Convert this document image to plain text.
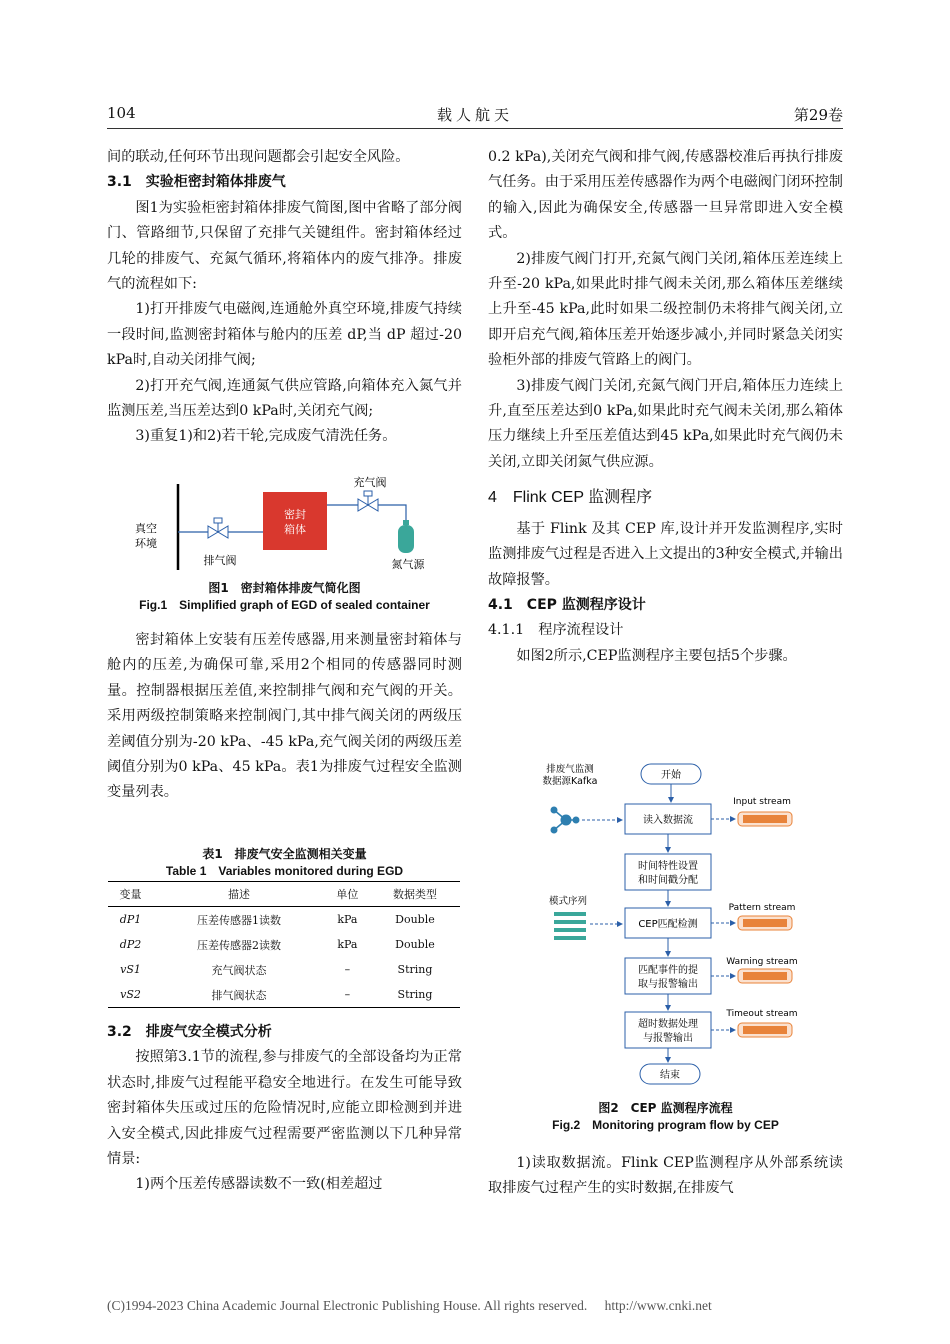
104	载人航天	第29卷

间的联动,任何环节出现问题都会引起安全风险。

3.1　实验柜密封箱体排废气

图1为实验柜密封箱体排废气简图,图中省略了部分阀门、管路细节,只保留了充排气关键组件。密封箱体经过几轮的排废气、充氮气循环,将箱体内的废气排净。排废气的流程如下:

1)打开排废气电磁阀,连通舱外真空环境,排废气持续一段时间,监测密封箱体与舱内的压差 dP,当 dP 超过-20 kPa时,自动关闭排气阀;

2)打开充气阀,连通氮气供应管路,向箱体充入氮气并监测压差,当压差达到0 kPa时,关闭充气阀;

3)重复1)和2)若干轮,完成废气清洗任务。

真空
环境
排气阀
密封
箱体
充气阀
氮气源
图1　密封箱体排废气简化图
Fig.1　Simplified graph of EGD of sealed container

密封箱体上安装有压差传感器,用来测量密封箱体与舱内的压差,为确保可靠,采用2个相同的传感器同时测量。控制器根据压差值,来控制排气阀和充气阀的开关。采用两级控制策略来控制阀门,其中排气阀关闭的两级压差阈值分别为-20 kPa、-45 kPa,充气阀关闭的两级压差阈值分别为0 kPa、45 kPa。表1为排废气过程安全监测变量列表。

表1　排废气安全监测相关变量
Table 1　Variables monitored during EGD
变量	描述	单位	数据类型
dP1	压差传感器1读数	kPa	Double
dP2	压差传感器2读数	kPa	Double
vS1	充气阀状态	–	String
vS2	排气阀状态	–	String

3.2　排废气安全模式分析

按照第3.1节的流程,参与排废气的全部设备均为正常状态时,排废气过程能平稳安全地进行。在发生可能导致密封箱体失压或过压的危险情况时,应能立即检测到并进入安全模式,因此排废气过程需要严密监测以下几种异常情景:

1)两个压差传感器读数不一致(相差超过

0.2 kPa),关闭充气阀和排气阀,传感器校准后再执行排废气任务。由于采用压差传感器作为两个电磁阀门闭环控制的输入,因此为确保安全,传感器一旦异常即进入安全模式。

2)排废气阀门打开,充氮气阀门关闭,箱体压差连续上升至-20 kPa,如果此时排气阀未关闭,那么箱体压差继续上升至-45 kPa,此时如果二级控制仍未将排气阀关闭,立即开启充气阀,箱体压差开始逐步减小,并同时紧急关闭实验柜外部的排废气管路上的阀门。

3)排废气阀门关闭,充氮气阀门开启,箱体压力连续上升,直至压差达到0 kPa,如果此时充气阀未关闭,那么箱体压力继续上升至压差值达到45 kPa,如果此时充气阀仍未关闭,立即关闭氮气供应源。

4　Flink CEP 监测程序

基于 Flink 及其 CEP 库,设计并开发监测程序,实时监测排废气过程是否进入上文提出的3种安全模式,并输出故障报警。

4.1　CEP 监测程序设计

4.1.1　程序流程设计

如图2所示,CEP监测程序主要包括5个步骤。

排废气监测
数据源Kafka
开始
读入数据流
时间特性设置
和时间戳分配
模式序列
CEP匹配检测
匹配事件的提
取与报警输出
超时数据处理
与报警输出
结束
Input stream
Pattern stream
Warning stream
Timeout stream
图2　CEP 监测程序流程
Fig.2　Monitoring program flow by CEP

1)读取数据流。Flink CEP监测程序从外部系统读取排废气过程产生的实时数据,在排废气

(C)1994-2023 China Academic Journal Electronic Publishing House. All rights reserved. http://www.cnki.net
